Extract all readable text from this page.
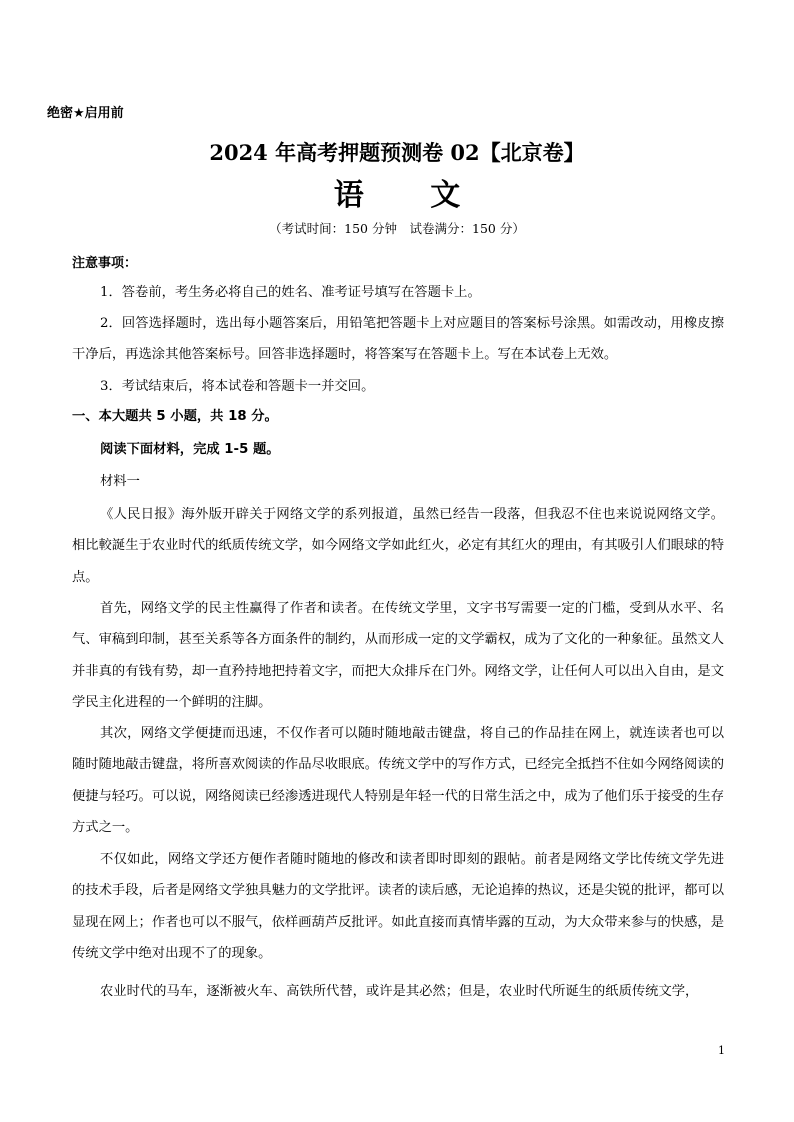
绝密★启用前
2024 年高考押题预测卷 02【北京卷】
语 文
（考试时间：150 分钟　试卷满分：150 分）
注意事项：
1．答卷前，考生务必将自己的姓名、准考证号填写在答题卡上。
2．回答选择题时，选出每小题答案后，用铅笔把答题卡上对应题目的答案标号涂黑。如需改动，用橡皮擦干净后，再选涂其他答案标号。回答非选择题时，将答案写在答题卡上。写在本试卷上无效。
3．考试结束后，将本试卷和答题卡一并交回。
一、本大题共 5 小题，共 18 分。
阅读下面材料，完成 1-5 题。
材料一
《人民日报》海外版开辟关于网络文学的系列报道，虽然已经告一段落，但我忍不住也来说说网络文学。相比較誕生于农业时代的纸质传统文学，如今网络文学如此红火，必定有其红火的理由，有其吸引人们眼球的特点。
首先，网络文学的民主性赢得了作者和读者。在传统文学里，文字书写需要一定的门槛，受到从水平、名气、审稿到印制，甚至关系等各方面条件的制约，从而形成一定的文学霸权，成为了文化的一种象征。虽然文人并非真的有钱有势，却一直矜持地把持着文字，而把大众排斥在门外。网络文学，让任何人可以出入自由，是文学民主化进程的一个鲜明的注脚。
其次，网络文学便捷而迅速，不仅作者可以随时随地敲击键盘，将自己的作品挂在网上，就连读者也可以随时随地敲击键盘，将所喜欢阅读的作品尽收眼底。传统文学中的写作方式，已经完全抵挡不住如今网络阅读的便捷与轻巧。可以说，网络阅读已经渗透进现代人特别是年轻一代的日常生活之中，成为了他们乐于接受的生存方式之一。
不仅如此，网络文学还方便作者随时随地的修改和读者即时即刻的跟帖。前者是网络文学比传统文学先进的技术手段，后者是网络文学独具魅力的文学批评。读者的读后感，无论追捧的热议，还是尖锐的批评，都可以显现在网上；作者也可以不服气，依样画葫芦反批评。如此直接而真情毕露的互动，为大众带来参与的快感，是传统文学中绝对出现不了的现象。
农业时代的马车，逐渐被火车、高铁所代替，或许是其必然；但是，农业时代所诞生的纸质传统文学，
1
